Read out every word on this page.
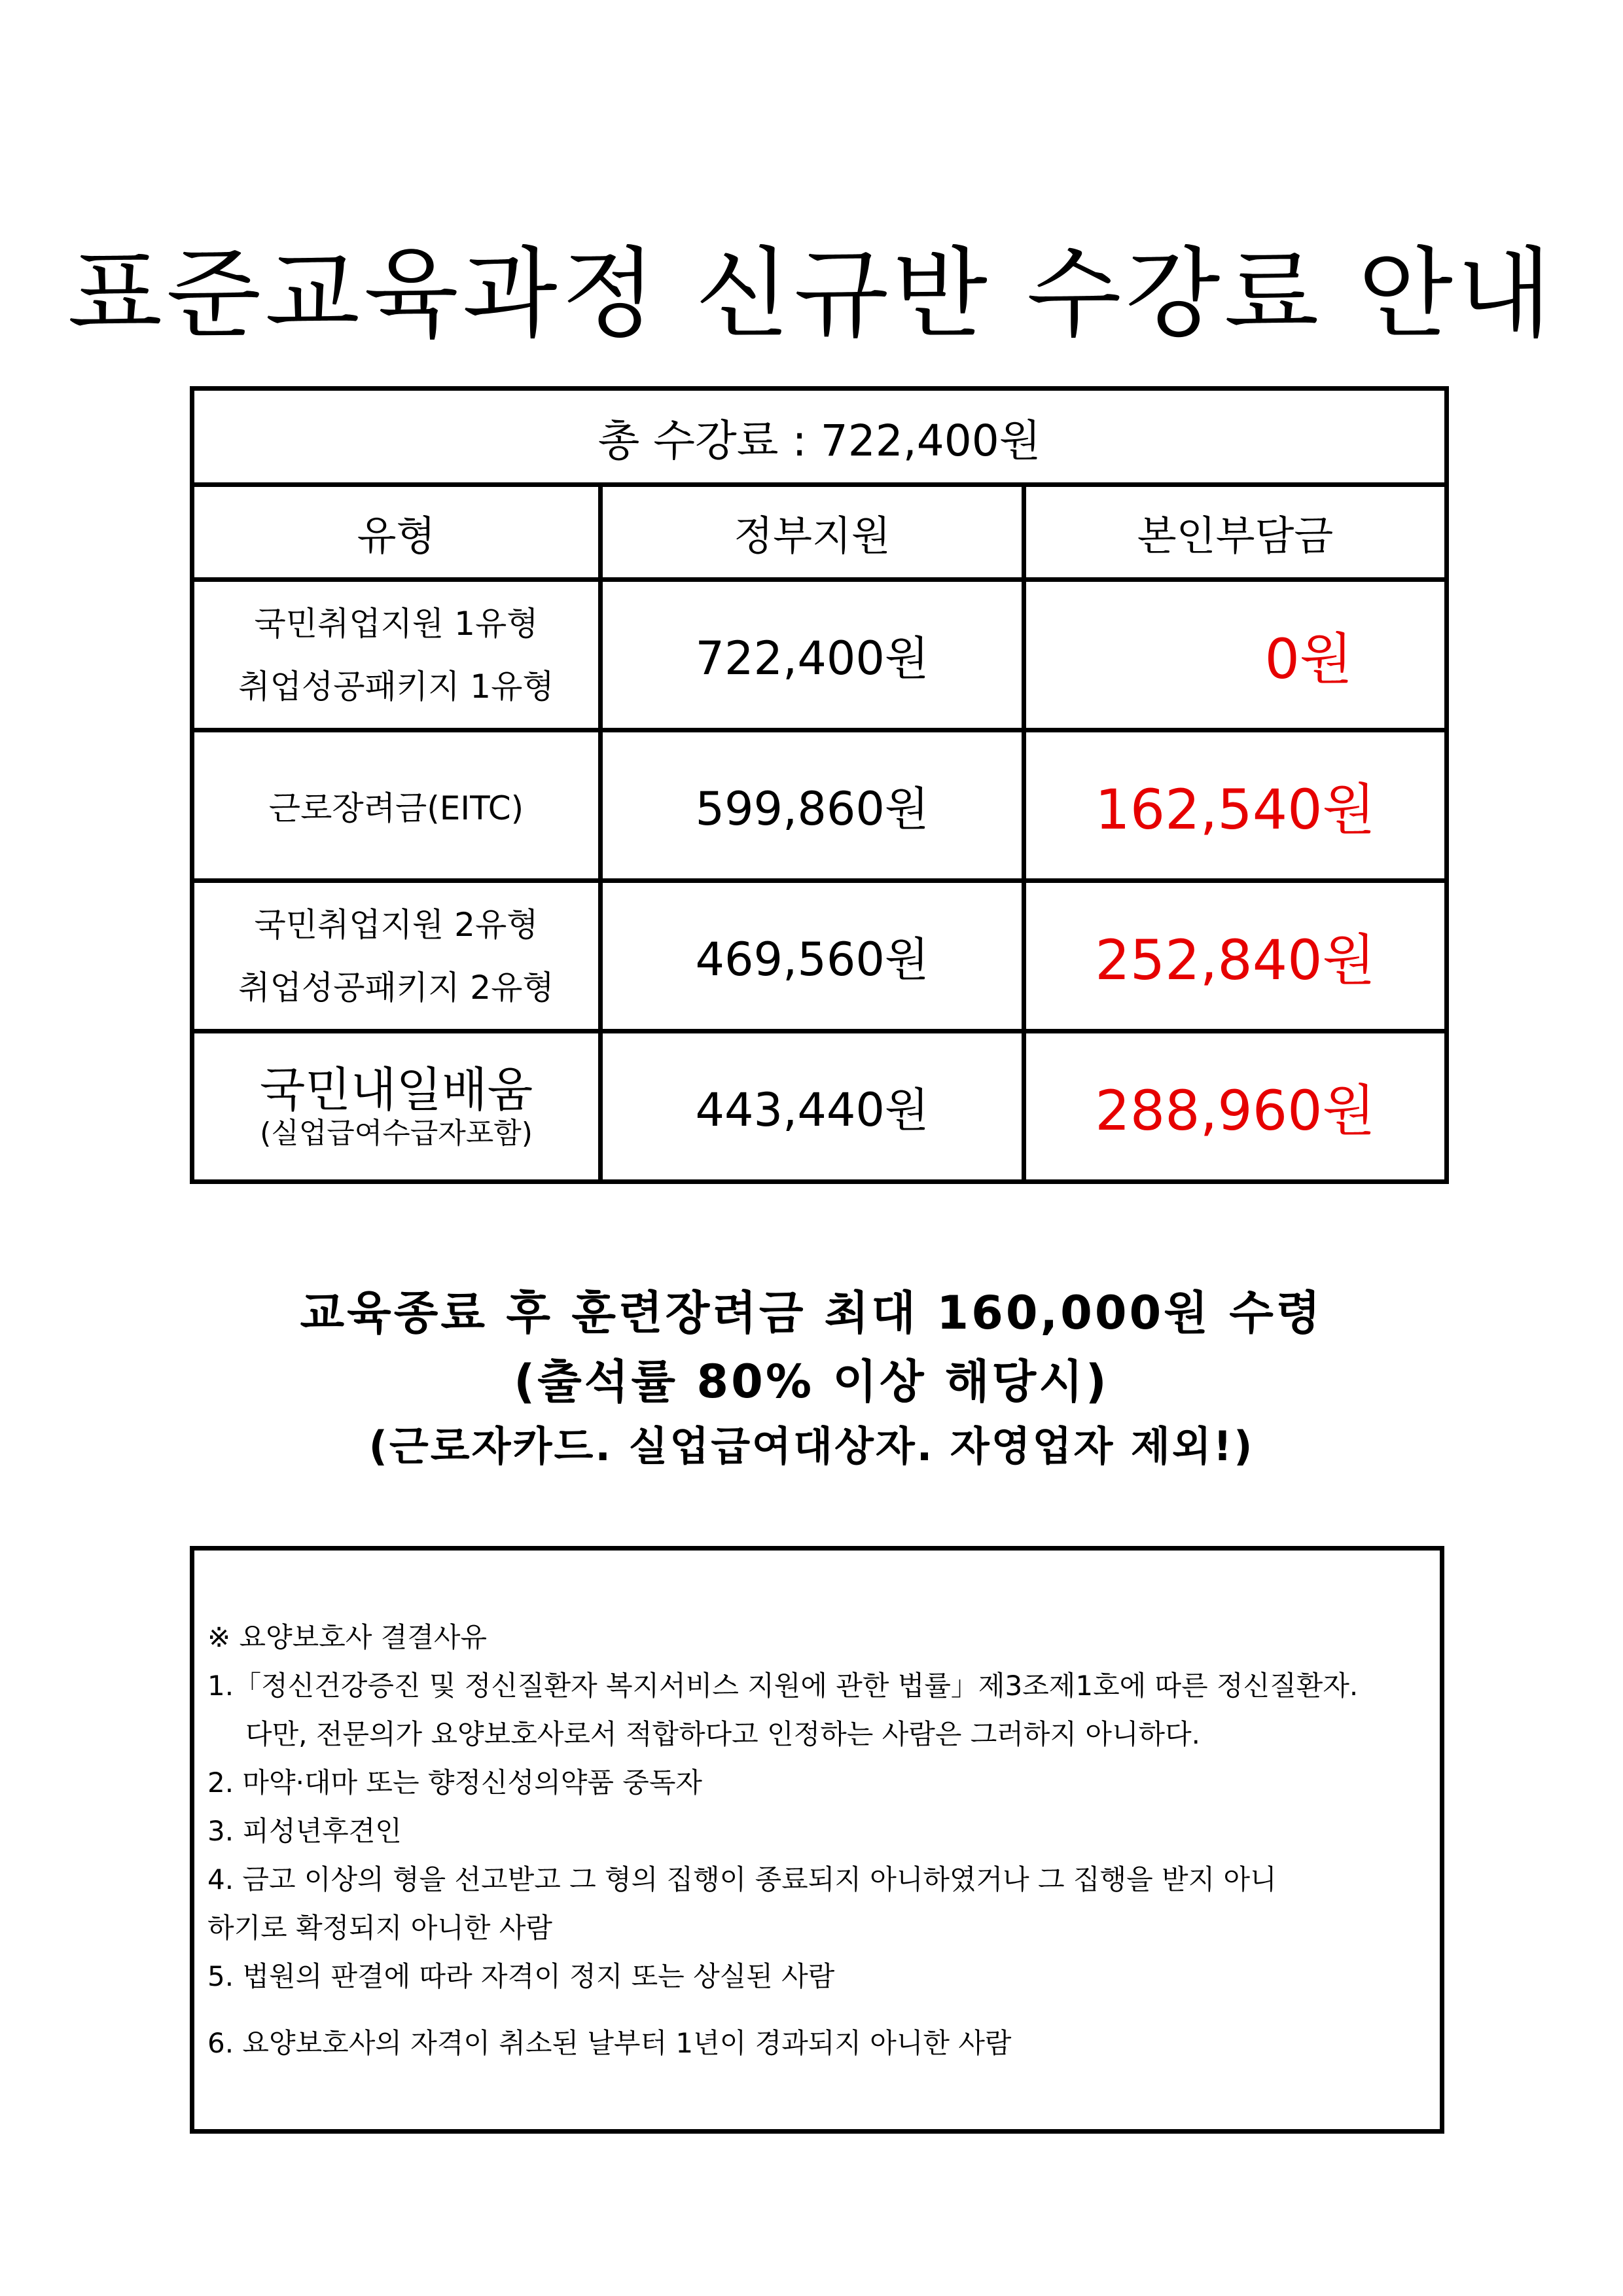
표준교육과정 신규반 수강료 안내
총 수강료 : 722,400원		
유형	정부지원	본인부담금

국민취업지원 1유형
취업성공패키지 1유형	722,400원	0원

근로장려금(EITC)	599,860원	162,540원

국민취업지원 2유형
취업성공패키지 2유형	469,560원	252,840원

국민내일배움
(실업급여수급자포함)	443,440원	288,960원
교육종료 후 훈련장려금 최대 160,000원 수령
(출석률 80% 이상 해당시)
(근로자카드. 실업급여대상자. 자영업자 제외!)
※ 요양보호사 결결사유
1.「정신건강증진 및 정신질환자 복지서비스 지원에 관한 법률」제3조제1호에 따른 정신질환자.
다만, 전문의가 요양보호사로서 적합하다고 인정하는 사람은 그러하지 아니하다.
2. 마약·대마 또는 향정신성의약품 중독자
3. 피성년후견인
4. 금고 이상의 형을 선고받고 그 형의 집행이 종료되지 아니하였거나 그 집행을 받지 아니
하기로 확정되지 아니한 사람
5. 법원의 판결에 따라 자격이 정지 또는 상실된 사람
6. 요양보호사의 자격이 취소된 날부터 1년이 경과되지 아니한 사람
